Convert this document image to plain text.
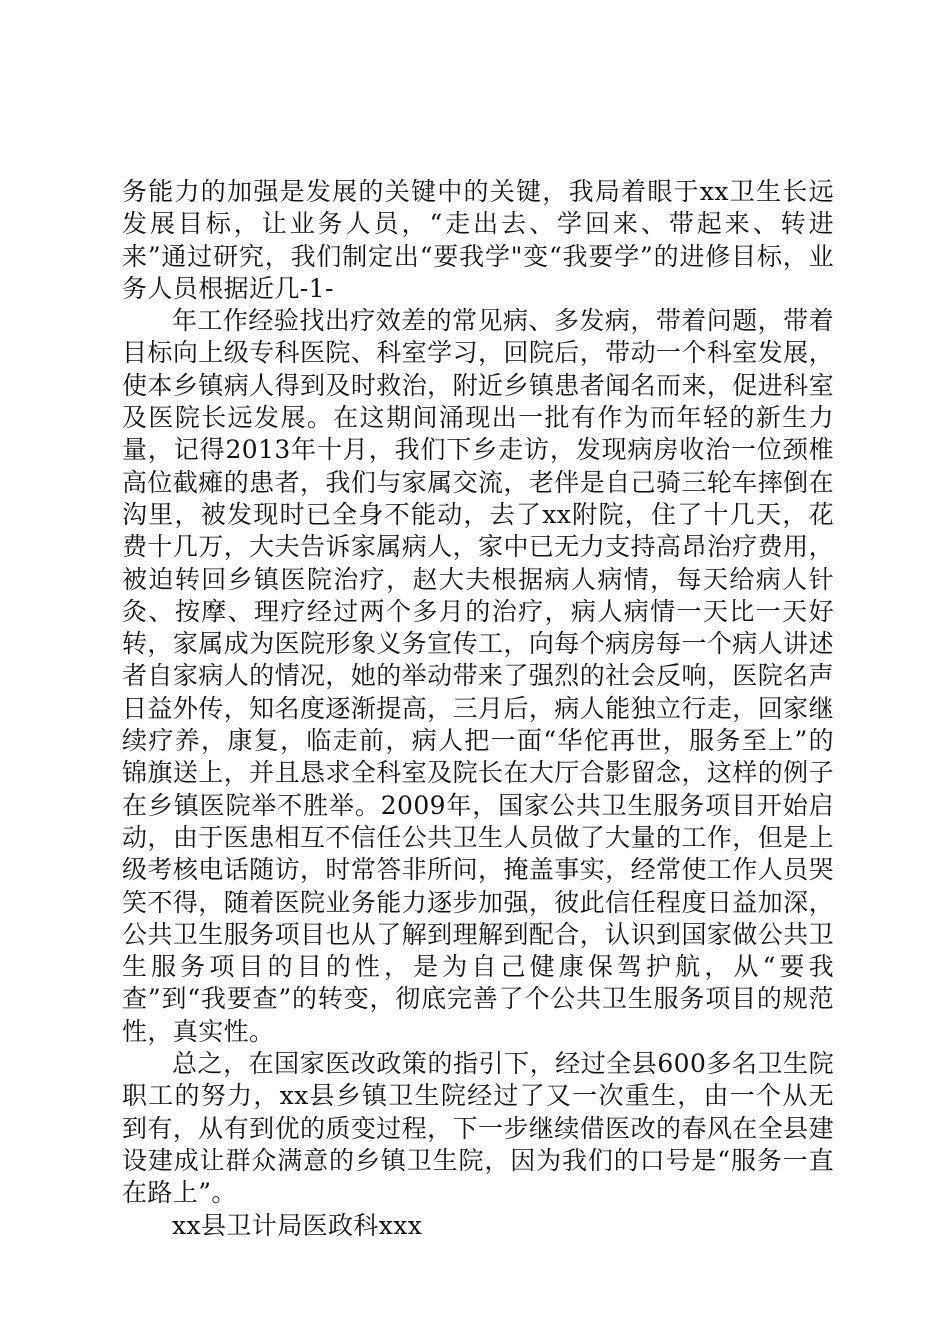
务能力的加强是发展的关键中的关键，我局着眼于xx卫生长远发展目标，让业务人员，“走出去、学回来、带起来、转进来”通过研究，我们制定出“要我学"变“我要学”的进修目标，业务人员根据近几-1-

年工作经验找出疗效差的常见病、多发病，带着问题，带着目标向上级专科医院、科室学习，回院后，带动一个科室发展，使本乡镇病人得到及时救治，附近乡镇患者闻名而来，促进科室及医院长远发展。在这期间涌现出一批有作为而年轻的新生力量，记得2013年十月，我们下乡走访，发现病房收治一位颈椎高位截瘫的患者，我们与家属交流，老伴是自己骑三轮车摔倒在沟里，被发现时已全身不能动，去了xx附院，住了十几天，花费十几万，大夫告诉家属病人，家中已无力支持高昂治疗费用，被迫转回乡镇医院治疗，赵大夫根据病人病情，每天给病人针灸、按摩、理疗经过两个多月的治疗，病人病情一天比一天好转，家属成为医院形象义务宣传工，向每个病房每一个病人讲述者自家病人的情况，她的举动带来了强烈的社会反响，医院名声日益外传，知名度逐渐提高，三月后，病人能独立行走，回家继续疗养，康复，临走前，病人把一面“华佗再世，服务至上”的锦旗送上，并且恳求全科室及院长在大厅合影留念，这样的例子在乡镇医院举不胜举。2009年，国家公共卫生服务项目开始启动，由于医患相互不信任公共卫生人员做了大量的工作，但是上级考核电话随访，时常答非所问，掩盖事实，经常使工作人员哭笑不得，随着医院业务能力逐步加强，彼此信任程度日益加深，公共卫生服务项目也从了解到理解到配合，认识到国家做公共卫生服务项目的目的性，是为自己健康保驾护航，从“要我查”到“我要查”的转变，彻底完善了个公共卫生服务项目的规范性，真实性。

总之，在国家医改政策的指引下，经过全县600多名卫生院职工的努力，xx县乡镇卫生院经过了又一次重生，由一个从无到有，从有到优的质变过程，下一步继续借医改的春风在全县建设建成让群众满意的乡镇卫生院，因为我们的口号是“服务一直在路上”。

xx县卫计局医政科xxx
